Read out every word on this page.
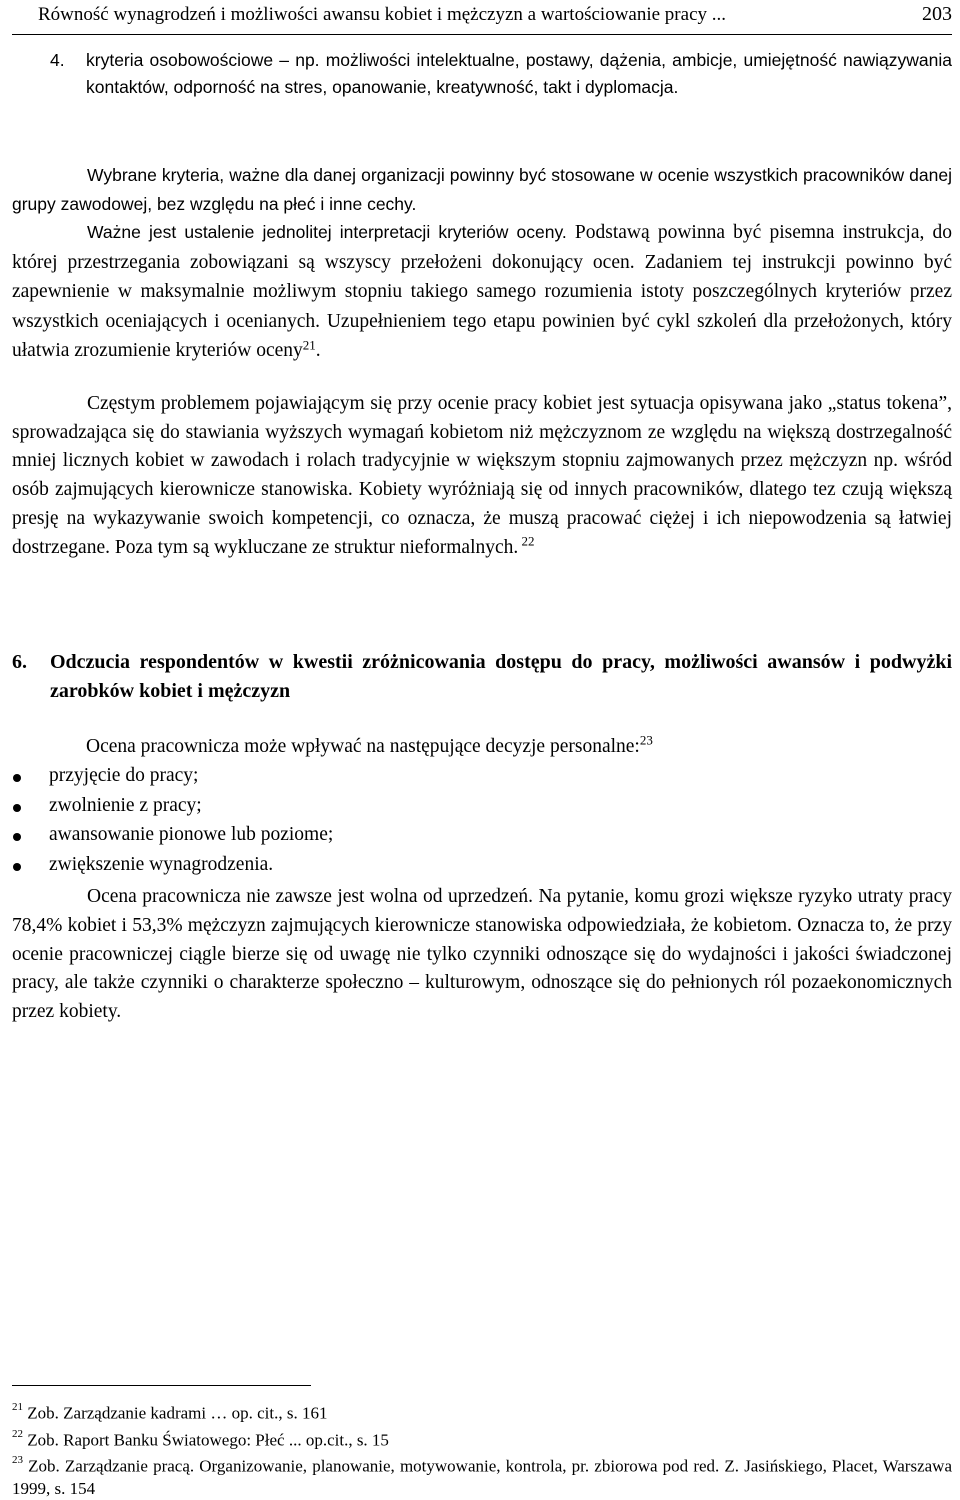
Równość wynagrodzeń i możliwości awansu kobiet i mężczyzn a wartościowanie pracy ...	203
4.	kryteria osobowościowe – np. możliwości intelektualne, postawy, dążenia, ambicje, umiejętność nawiązywania kontaktów, odporność na stres, opanowanie, kreatywność, takt i dyplomacja.
Wybrane kryteria, ważne dla danej organizacji powinny być stosowane w ocenie wszystkich pracowników danej grupy zawodowej, bez względu na płeć i inne cechy.
Ważne jest ustalenie jednolitej interpretacji kryteriów oceny. Podstawą powinna być pisemna instrukcja, do której przestrzegania zobowiązani są wszyscy przełożeni dokonujący ocen. Zadaniem tej instrukcji powinno być zapewnienie w maksymalnie możliwym stopniu takiego samego rozumienia istoty poszczególnych kryteriów przez wszystkich oceniających i ocenianych. Uzupełnieniem tego etapu powinien być cykl szkoleń dla przełożonych, który ułatwia zrozumienie kryteriów oceny$^{21}$.
Częstym problemem pojawiającym się przy ocenie pracy kobiet jest sytuacja opisywana jako „status tokena”, sprowadzająca się do stawiania wyższych wymagań kobietom niż mężczyznom ze względu na większą dostrzegalność mniej licznych kobiet w zawodach i rolach tradycyjnie w większym stopniu zajmowanych przez mężczyzn np. wśród osób zajmujących kierownicze stanowiska. Kobiety wyróżniają się od innych pracowników, dlatego tez czują większą presję na wykazywanie swoich kompetencji, co oznacza, że muszą pracować ciężej i ich niepowodzenia są łatwiej dostrzegane. Poza tym są wykluczane ze struktur nieformalnych. $^{22}$
6. Odczucia respondentów w kwestii zróżnicowania dostępu do pracy, możliwości awansów i podwyżki zarobków kobiet i mężczyzn
Ocena pracownicza może wpływać na następujące decyzje personalne:$^{23}$
przyjęcie do pracy;
zwolnienie z pracy;
awansowanie pionowe lub poziome;
zwiększenie wynagrodzenia.
Ocena pracownicza nie zawsze jest wolna od uprzedzeń. Na pytanie, komu grozi większe ryzyko utraty pracy 78,4% kobiet i 53,3% mężczyzn zajmujących kierownicze stanowiska odpowiedziała, że kobietom. Oznacza to, że przy ocenie pracowniczej ciągle bierze się od uwagę nie tylko czynniki odnoszące się do wydajności i jakości świadczonej pracy, ale także czynniki o charakterze społeczno – kulturowym, odnoszące się do pełnionych ról pozaekonomicznych przez kobiety.
$^{21}$ Zob. Zarządzanie kadrami … op. cit., s. 161
$^{22}$ Zob. Raport Banku Światowego: Płeć ... op.cit., s. 15
$^{23}$ Zob. Zarządzanie pracą. Organizowanie, planowanie, motywowanie, kontrola, pr. zbiorowa pod red. Z. Jasińskiego, Placet, Warszawa 1999, s. 154
